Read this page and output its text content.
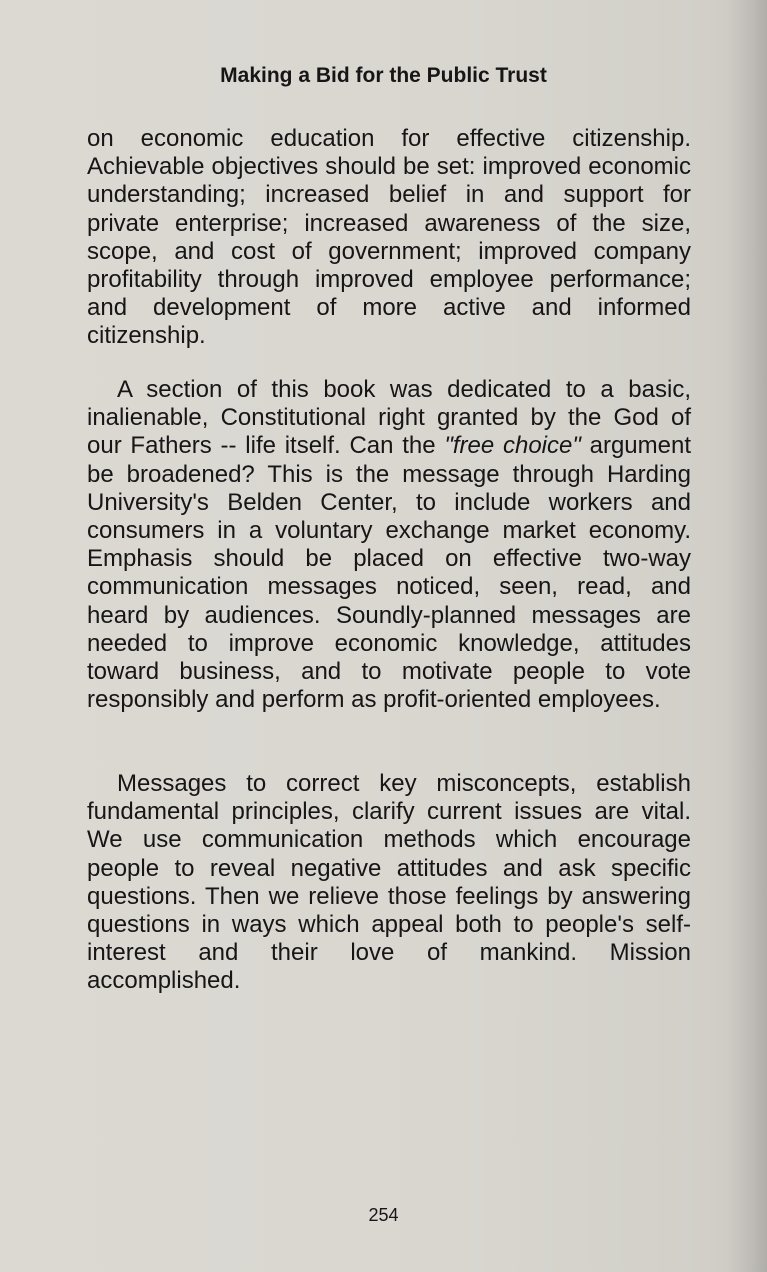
Making a Bid for the Public Trust

on economic education for effective citizenship. Achievable objectives should be set: improved economic understanding; increased belief in and support for private enterprise; increased awareness of the size, scope, and cost of government; improved company profitability through improved employee performance; and development of more active and informed citizenship.

A section of this book was dedicated to a basic, inalienable, Constitutional right granted by the God of our Fathers -- life itself. Can the "free choice" argument be broadened? This is the message through Harding University's Belden Center, to include workers and consumers in a voluntary exchange market economy. Emphasis should be placed on effective two-way communication messages noticed, seen, read, and heard by audiences. Soundly-planned messages are needed to improve economic knowledge, attitudes toward business, and to motivate people to vote responsibly and perform as profit-oriented employees.

Messages to correct key misconcepts, establish fundamental principles, clarify current issues are vital. We use communication methods which encourage people to reveal negative attitudes and ask specific questions. Then we relieve those feelings by answering questions in ways which appeal both to people's self-interest and their love of mankind. Mission accomplished.

254
